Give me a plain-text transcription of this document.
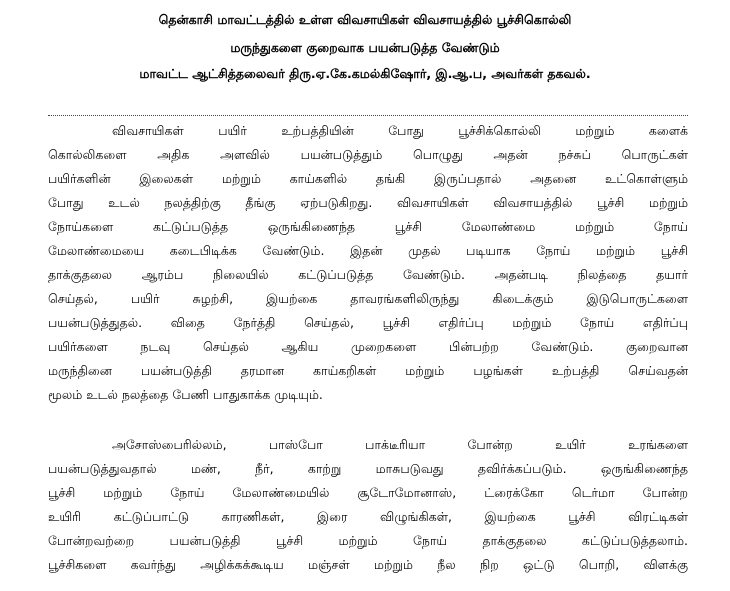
தென்காசி மாவட்டத்தில் உள்ள விவசாயிகள் விவசாயத்தில் பூச்சிகொல்லி
மருந்துகளை குறைவாக பயன்படுத்த வேண்டும்
மாவட்ட ஆட்சித்தலைவர் திரு.ஏ.கே.கமல்கிஷோர், இ.ஆ.ப, அவர்கள் தகவல்.
விவசாயிகள் பயிர் உற்பத்தியின் போது பூச்சிக்கொல்லி மற்றும் களைக்
கொல்லிகளை அதிக அளவில் பயன்படுத்தும் பொழுது அதன் நச்சுப் பொருட்கள்
பயிர்களின் இலைகள் மற்றும் காய்களில் தங்கி இருப்பதால் அதனை உட்கொள்ளும்
போது உடல் நலத்திற்கு தீங்கு ஏற்படுகிறது. விவசாயிகள் விவசாயத்தில் பூச்சி மற்றும்
நோய்களை கட்டுப்படுத்த ஒருங்கிணைந்த பூச்சி மேலாண்மை மற்றும் நோய்
மேலாண்மையை கடைபிடிக்க வேண்டும். இதன் முதல் படியாக நோய் மற்றும் பூச்சி
தாக்குதலை ஆரம்ப நிலையில் கட்டுப்படுத்த வேண்டும். அதன்படி நிலத்தை தயார்
செய்தல், பயிர் சுழற்சி, இயற்கை தாவரங்களிலிருந்து கிடைக்கும் இடுபொருட்களை
பயன்படுத்துதல். விதை நேர்த்தி செய்தல், பூச்சி எதிர்ப்பு மற்றும் நோய் எதிர்ப்பு
பயிர்களை நடவு செய்தல் ஆகிய முறைகளை பின்பற்ற வேண்டும். குறைவான
மருந்தினை பயன்படுத்தி தரமான காய்கறிகள் மற்றும் பழங்கள் உற்பத்தி செய்வதன்
மூலம் உடல் நலத்தை பேணி பாதுகாக்க முடியும்.
அசோஸ்பைரில்லம், பாஸ்போ பாக்டீரியா போன்ற உயிர் உரங்களை
பயன்படுத்துவதால் மண், நீர், காற்று மாசுபடுவது தவிர்க்கப்படும். ஒருங்கிணைந்த
பூச்சி மற்றும் நோய் மேலாண்மையில் சூடோமோனாஸ், ட்ரைக்கோ டெர்மா போன்ற
உயிரி கட்டுப்பாட்டு காரணிகள், இரை விழுங்கிகள், இயற்கை பூச்சி விரட்டிகள்
போன்றவற்றை பயன்படுத்தி பூச்சி மற்றும் நோய் தாக்குதலை கட்டுப்படுத்தலாம்.
பூச்சிகளை கவர்ந்து அழிக்கக்கூடிய மஞ்சள் மற்றும் நீல நிற ஒட்டு பொறி, விளக்கு
